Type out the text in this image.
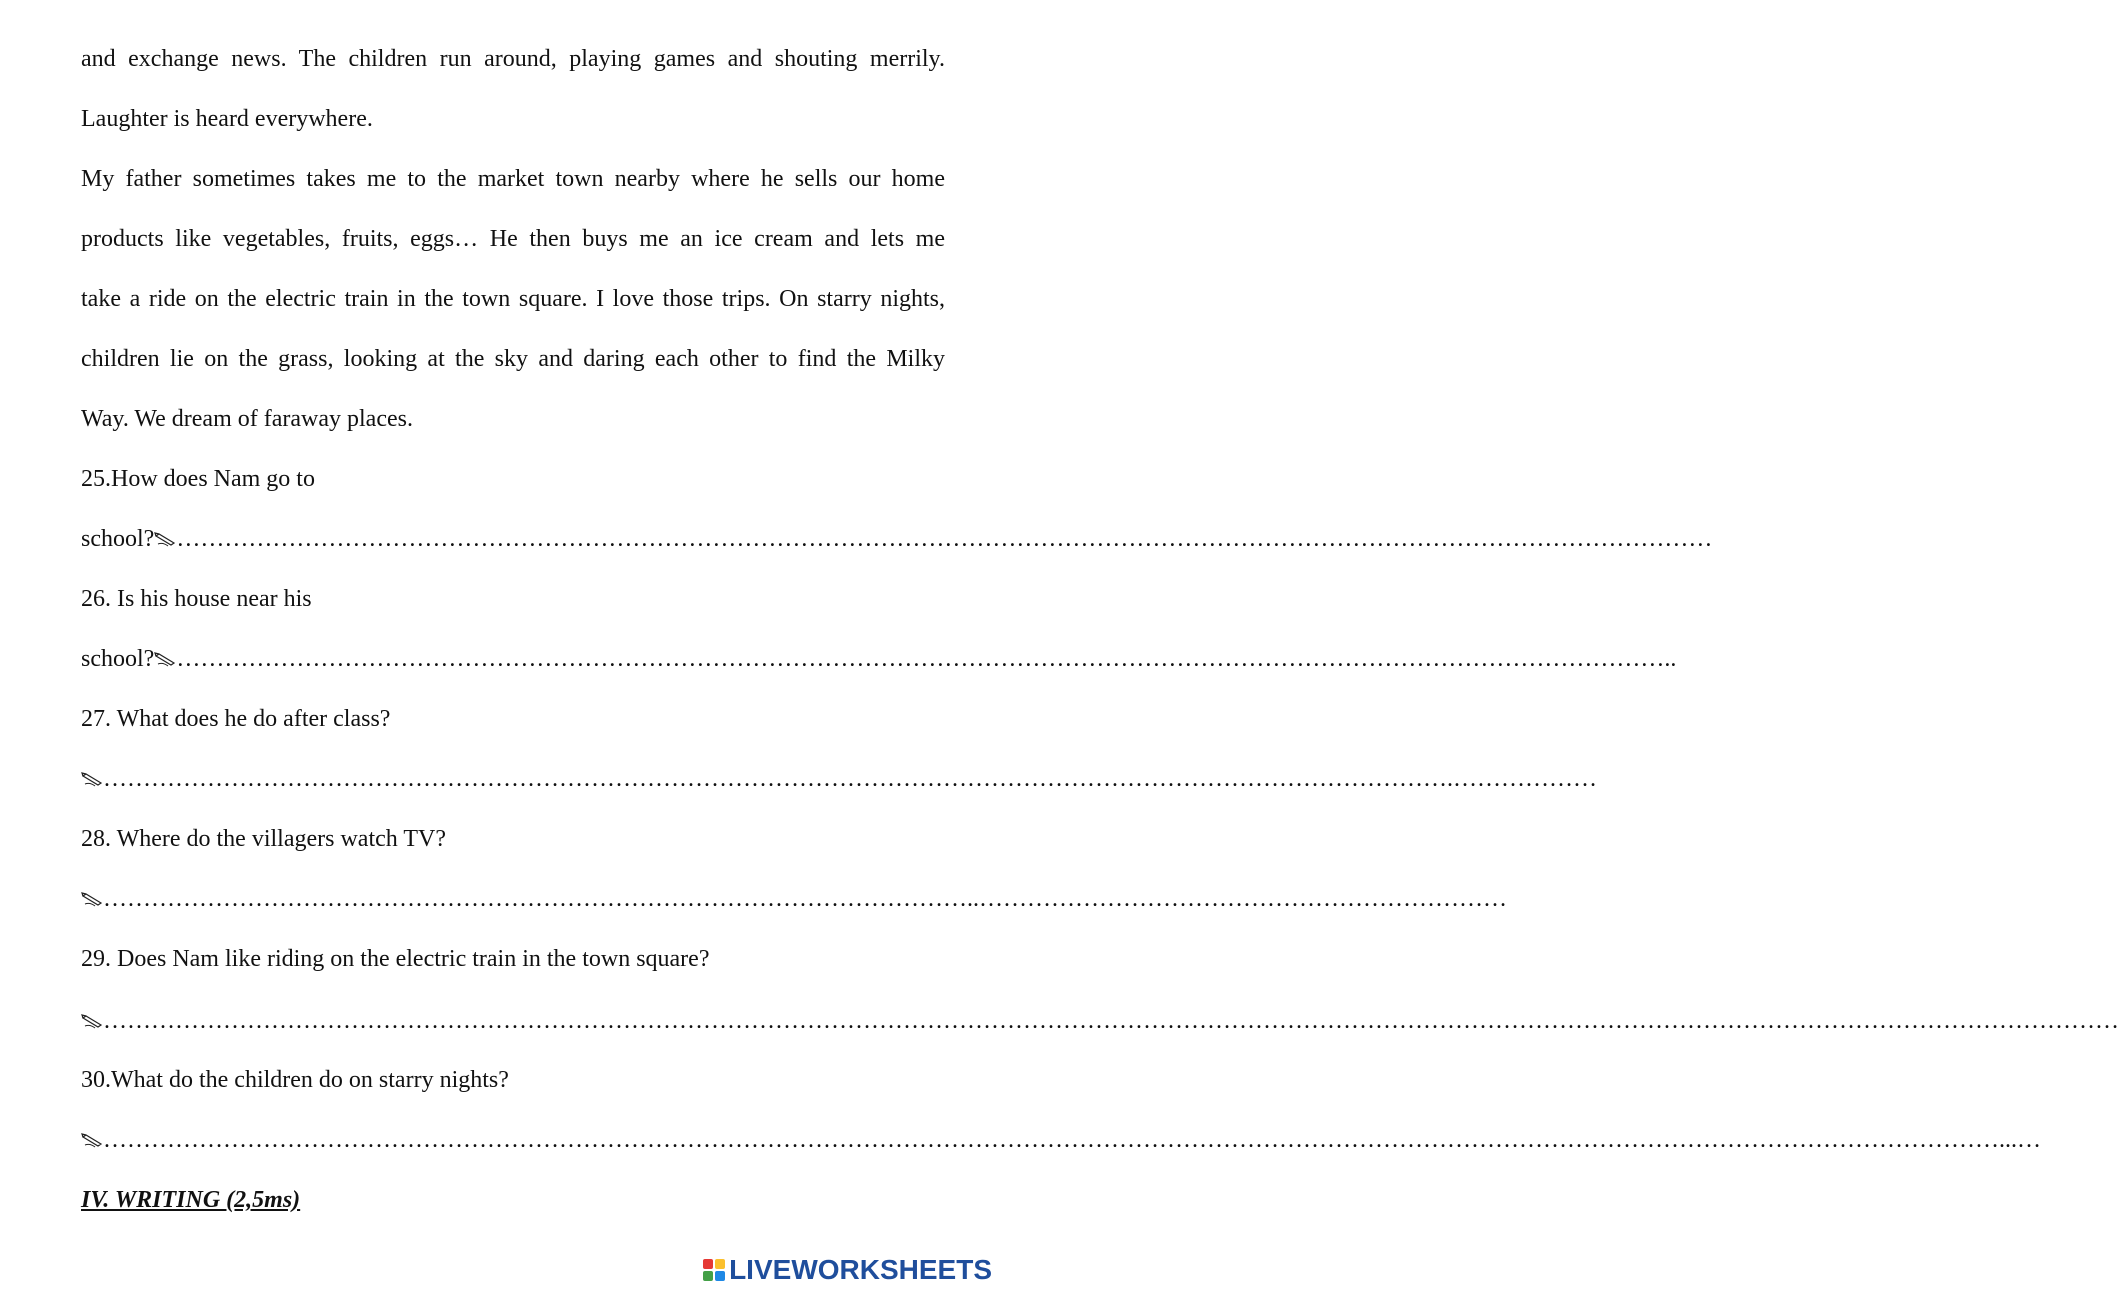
and exchange news. The children run around, playing games and shouting merrily.

Laughter is heard everywhere.

My father sometimes takes me to the market town nearby where he sells our home

products like vegetables, fruits, eggs… He then buys me an ice cream and lets me

take a ride on the electric train in the town square. I love those trips. On starry nights,

children lie on the grass, looking at the sky and daring each other to find the Milky

Way. We dream of faraway places.

25.How does Nam go to

school? …………………………………………………………………………………………………………………………………………………………………………

26. Is his house near his

school? ……………………………………………………………………………………………………………………………………………………………………..

27. What does he do after class?

…………………………………………………………………………………………………………………………………………………….………………

28. Where do the villagers watch TV?

………………………………………………………………………………………………..…………………………………………………………

29. Does Nam like riding on the electric train in the town square?

………………………………………………………………………………………………………………………………………………………………………………………………………………………………

30.What do the children do on starry nights?

…………………………………………………………………………………………………………………………………………………………………………………………………………………...…

IV. WRITING (2,5ms)

LIVEWORKSHEETS
